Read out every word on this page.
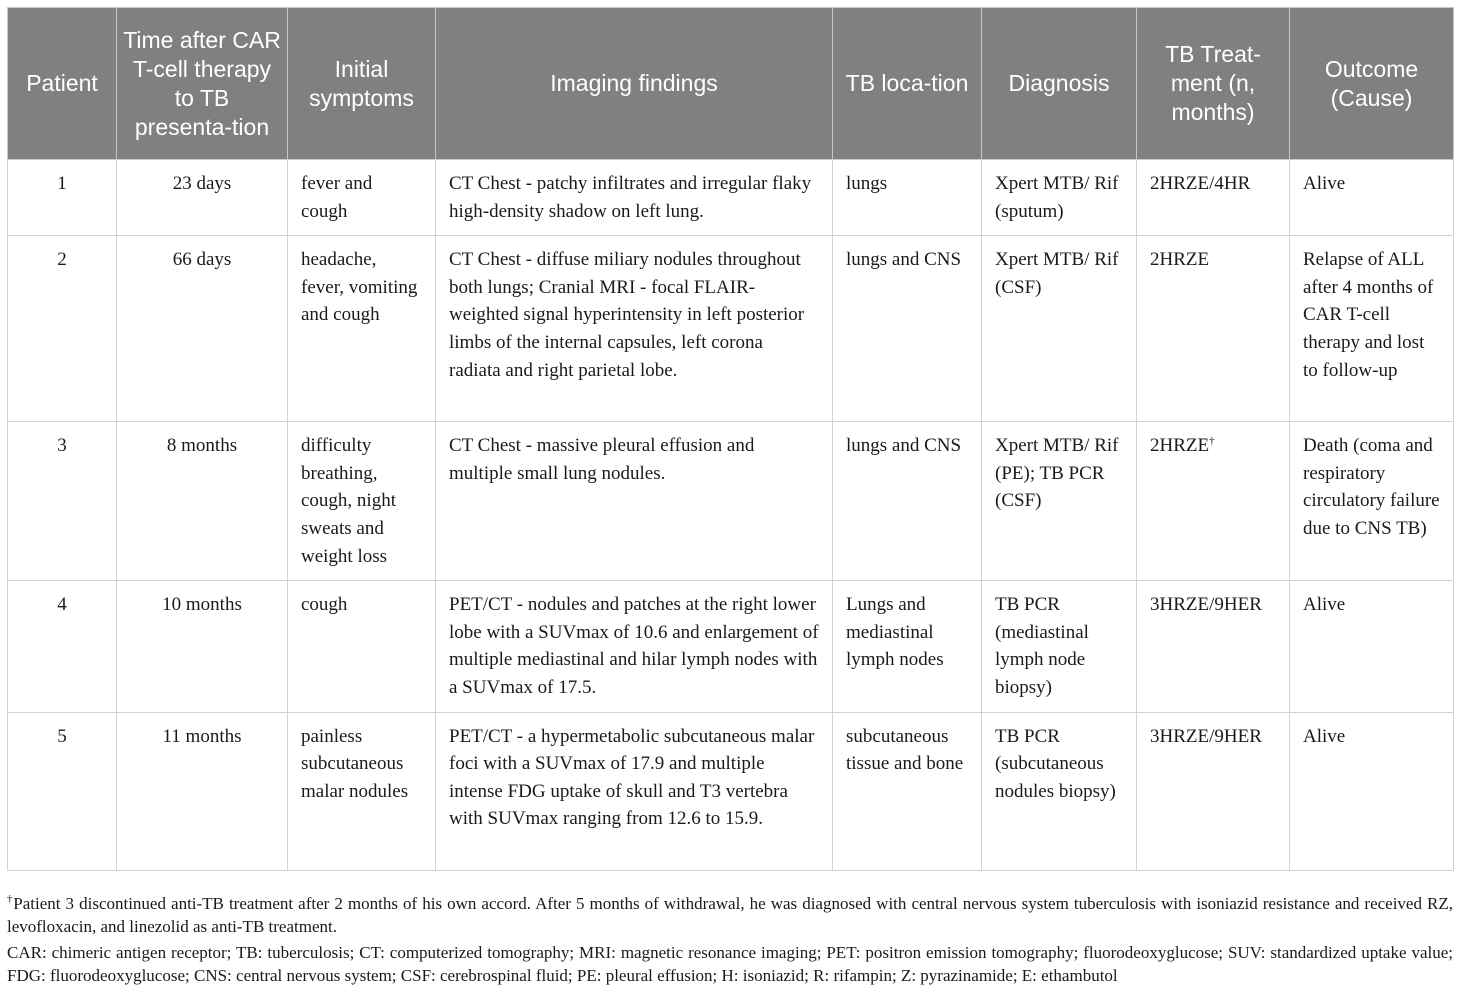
Patient	Time after CAR T-cell therapy to TB presenta-tion	Initial symptoms	Imaging findings	TB loca-tion	Diagnosis	TB Treat-ment (n, months)	Outcome (Cause)
1	23 days	fever and cough	CT Chest - patchy infiltrates and irregular flaky high-density shadow on left lung.	lungs	Xpert MTB/ Rif (sputum)	2HRZE/4HR	Alive
2	66 days	headache, fever, vomiting and cough	CT Chest - diffuse miliary nodules throughout both lungs; Cranial MRI - focal FLAIR-weighted signal hyperintensity in left posterior limbs of the internal capsules, left corona radiata and right parietal lobe.	lungs and CNS	Xpert MTB/ Rif (CSF)	2HRZE	Relapse of ALL after 4 months of CAR T-cell therapy and lost to follow-up
3	8 months	difficulty breathing, cough, night sweats and weight loss	CT Chest - massive pleural effusion and multiple small lung nodules.	lungs and CNS	Xpert MTB/ Rif (PE); TB PCR (CSF)	2HRZE†	Death (coma and respiratory circulatory failure due to CNS TB)
4	10 months	cough	PET/CT - nodules and patches at the right lower lobe with a SUVmax of 10.6 and enlargement of multiple mediastinal and hilar lymph nodes with a SUVmax of 17.5.	Lungs and mediastinal lymph nodes	TB PCR (mediastinal lymph node biopsy)	3HRZE/9HER	Alive
5	11 months	painless subcutaneous malar nodules	PET/CT - a hypermetabolic subcutaneous malar foci with a SUVmax of 17.9 and multiple intense FDG uptake of skull and T3 vertebra with SUVmax ranging from 12.6 to 15.9.	subcutaneous tissue and bone	TB PCR (subcutaneous nodules biopsy)	3HRZE/9HER	Alive

†Patient 3 discontinued anti-TB treatment after 2 months of his own accord. After 5 months of withdrawal, he was diagnosed with central nervous system tuberculosis with isoniazid resistance and received RZ, levofloxacin, and linezolid as anti-TB treatment.

CAR: chimeric antigen receptor; TB: tuberculosis; CT: computerized tomography; MRI: magnetic resonance imaging; PET: positron emission tomography; fluorodeoxyglucose; SUV: standardized uptake value; FDG: fluorodeoxyglucose; CNS: central nervous system; CSF: cerebrospinal fluid; PE: pleural effusion; H: isoniazid; R: rifampin; Z: pyrazinamide; E: ethambutol
